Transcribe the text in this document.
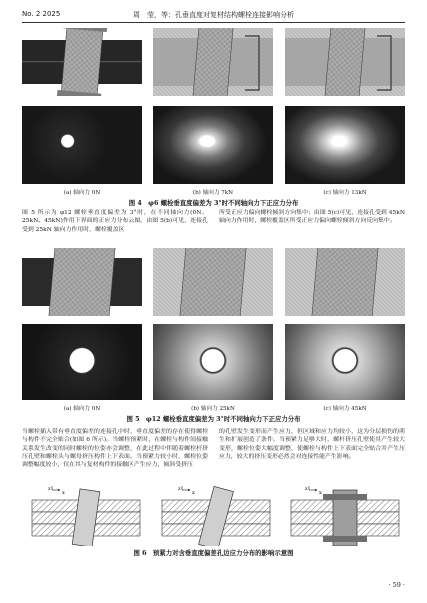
No. 2 2025	周　莹，等：孔垂直度对复材结构螺栓连接影响分析
(a) 轴向力 0N	(b) 轴向力 7kN	(c) 轴向力 13kN
图 4　φ6 螺栓垂直度偏差为 3°时不同轴向力下正应力分布
图 5 所示为 φ12 螺栓垂直度偏差为 3°时，在不同轴向力(0N、25kN、45kN)作用下界面的正应力分布云图。由图 5(b)可见，连接孔受到 25kN 轴向力作用时，螺栓覆盖区
所受正应力偏向螺栓倾斜方向集中；由图 5(c)可见，连接孔受到 45kN 轴向力作用时，螺栓覆盖区所受正应力偏向螺栓倾斜方向反向集中。
(a) 轴向力 0N	(b) 轴向力 25kN	(c) 轴向力 45kN
图 5　φ12 螺栓垂直度偏差为 3°时不同轴向力下正应力分布
当螺栓插入带有垂直度偏差的连接孔中时，垂直度偏差的存在使得螺栓与构件不完全贴合(如图 6 所示)。当螺栓预紧时，在螺栓与构件间接触关系发生改变的同时螺栓的位姿亦会调整，在此过程中伴随着螺栓杆挤压孔壁和螺栓头与螺母挤压构件上下表面。当预紧力较小时，螺栓位姿调整幅度较小，仅在其与复材构件的接触区产生应力，倾斜受挤压
的孔壁发生变形而产生应力，但区域和应力均较小，这为分层损伤的萌生和扩展创造了条件。当预紧力足够大时，螺杆挤压孔壁使其产生较大变形，螺栓位姿大幅度调整，使螺栓与构件上下表面完全贴合并产生压应力，较大的挤压变形必然会对连接性能产生影响。
z
x
z
x
z
x
图 6　预紧力对含垂直度偏差孔边应力分布的影响示意图
· 59 ·
